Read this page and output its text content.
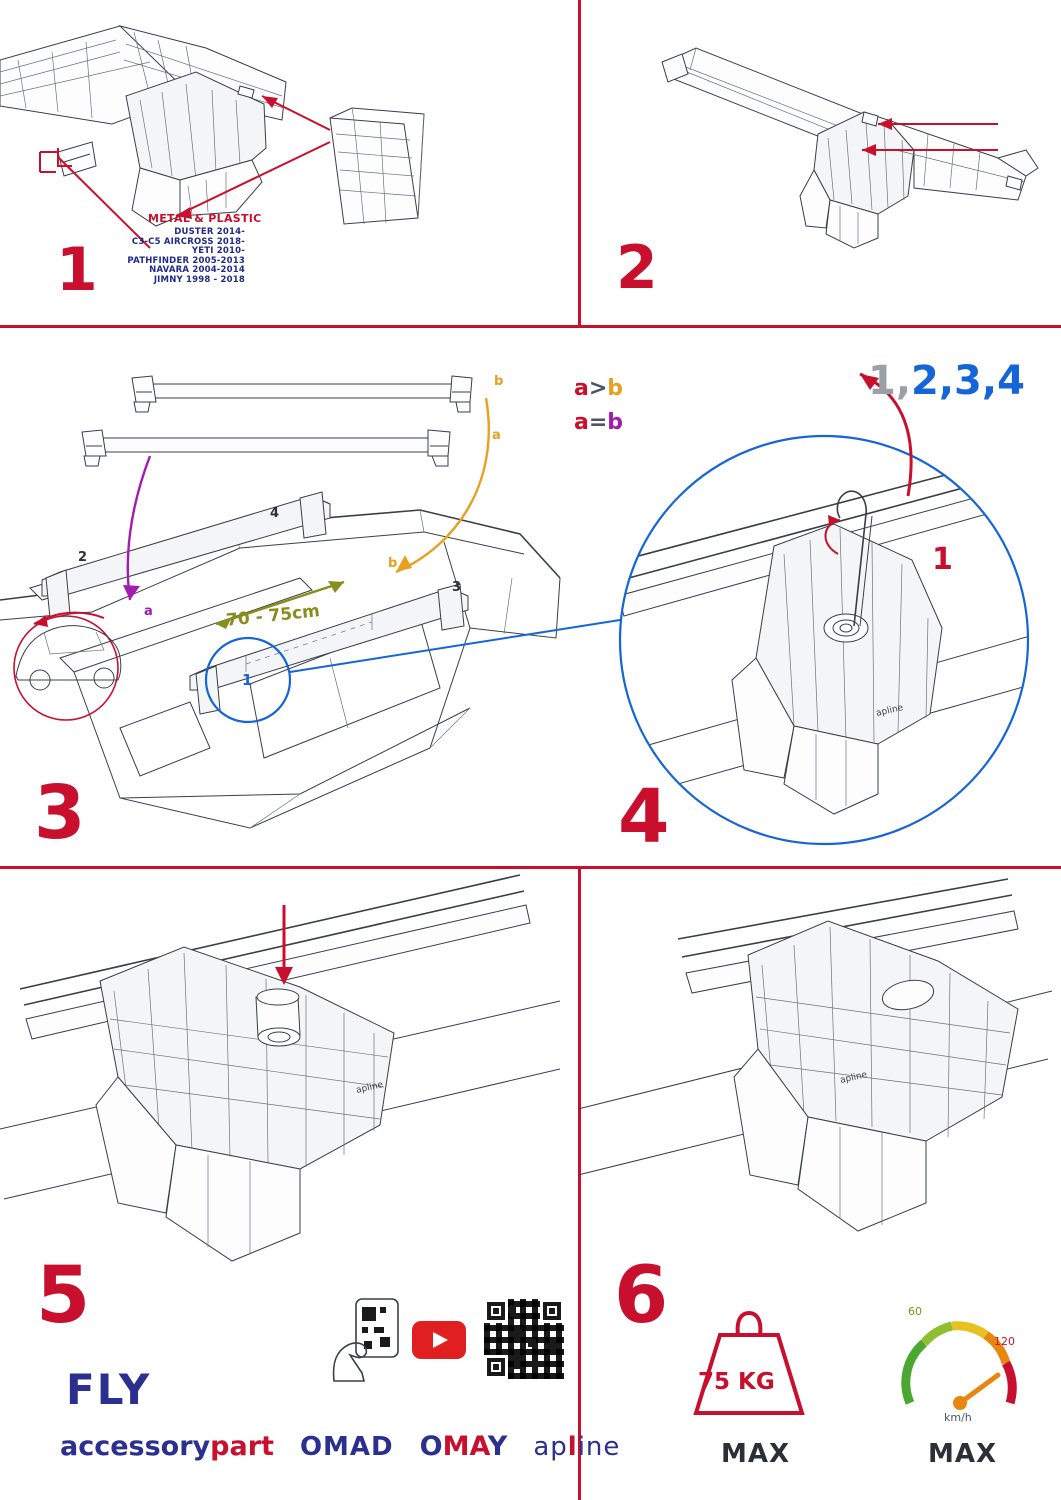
METAL & PLASTIC
DUSTER 2014-
C3-C5 AIRCROSS 2018-
YETI 2010-
PATHFINDER 2005-2013
NAVARA 2004-2014
JIMNY 1998 - 2018
1	2
b
a
a
b
2
4
3
1
70 - 75cm
a>b
a=b
3
1,2,3,4
1
apline
4
apline
5
FLY
accessorypart OMAD OMAY apline
apline
6
75 KG
MAX
60
120
km/h
MAX
